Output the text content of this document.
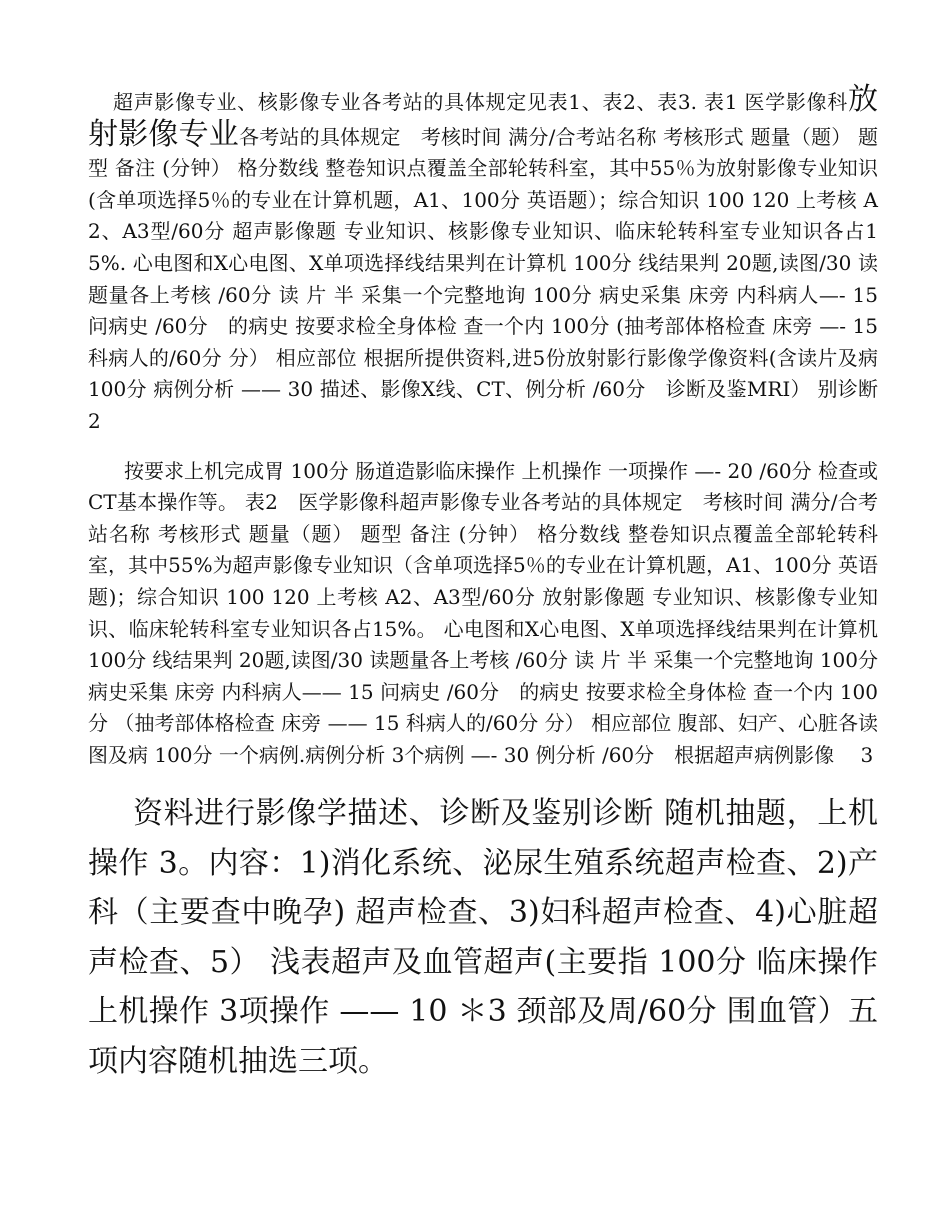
超声影像专业、核影像专业各考站的具体规定见表1、表2、表3. 表1 医学影像科放射影像专业各考站的具体规定　考核时间 满分/合考站名称 考核形式 题量（题） 题型 备注 (分钟） 格分数线 整卷知识点覆盖全部轮转科室，其中55％为放射影像专业知识(含单项选择5％的专业在计算机题，A1、100分 英语题）；综合知识 100 120 上考核 A2、A3型/60分 超声影像题 专业知识、核影像专业知识、临床轮转科室专业知识各占15%. 心电图和X心电图、X单项选择线结果判在计算机 100分 线结果判 20题,读图/30 读题量各上考核 /60分 读 片 半 采集一个完整地询 100分 病史采集 床旁 内科病人—- 15 问病史 /60分　的病史 按要求检全身体检 查一个内 100分 (抽考部体格检查 床旁 —- 15 科病人的/60分 分） 相应部位 根据所提供资料,进5份放射影行影像学像资料(含读片及病 100分 病例分析 —— 30 描述、影像X线、CT、例分析 /60分　诊断及鉴MRI） 别诊断　 2

按要求上机完成胃 100分 肠道造影临床操作 上机操作 一项操作 —- 20 /60分 检查或CT基本操作等。 表2　医学影像科超声影像专业各考站的具体规定　考核时间 满分/合考站名称 考核形式 题量（题） 题型 备注 (分钟） 格分数线 整卷知识点覆盖全部轮转科室，其中55%为超声影像专业知识（含单项选择5％的专业在计算机题，A1、100分 英语题)；综合知识 100 120 上考核 A2、A3型/60分 放射影像题 专业知识、核影像专业知识、临床轮转科室专业知识各占15%。 心电图和X心电图、X单项选择线结果判在计算机 100分 线结果判 20题,读图/30 读题量各上考核 /60分 读 片 半 采集一个完整地询 100分 病史采集 床旁 内科病人—— 15 问病史 /60分　的病史 按要求检全身体检 查一个内 100分 （抽考部体格检查 床旁 —— 15 科病人的/60分 分） 相应部位 腹部、妇产、心脏各读图及病 100分 一个病例.病例分析 3个病例 —- 30 例分析 /60分　根据超声病例影像　 3

资料进行影像学描述、诊断及鉴别诊断 随机抽题，上机操作 3。内容：1)消化系统、泌尿生殖系统超声检查、2)产科（主要查中晚孕) 超声检查、3)妇科超声检查、4)心脏超声检查、5） 浅表超声及血管超声(主要指 100分 临床操作 上机操作 3项操作 —— 10 ＊3 颈部及周/60分 围血管）五项内容随机抽选三项。
